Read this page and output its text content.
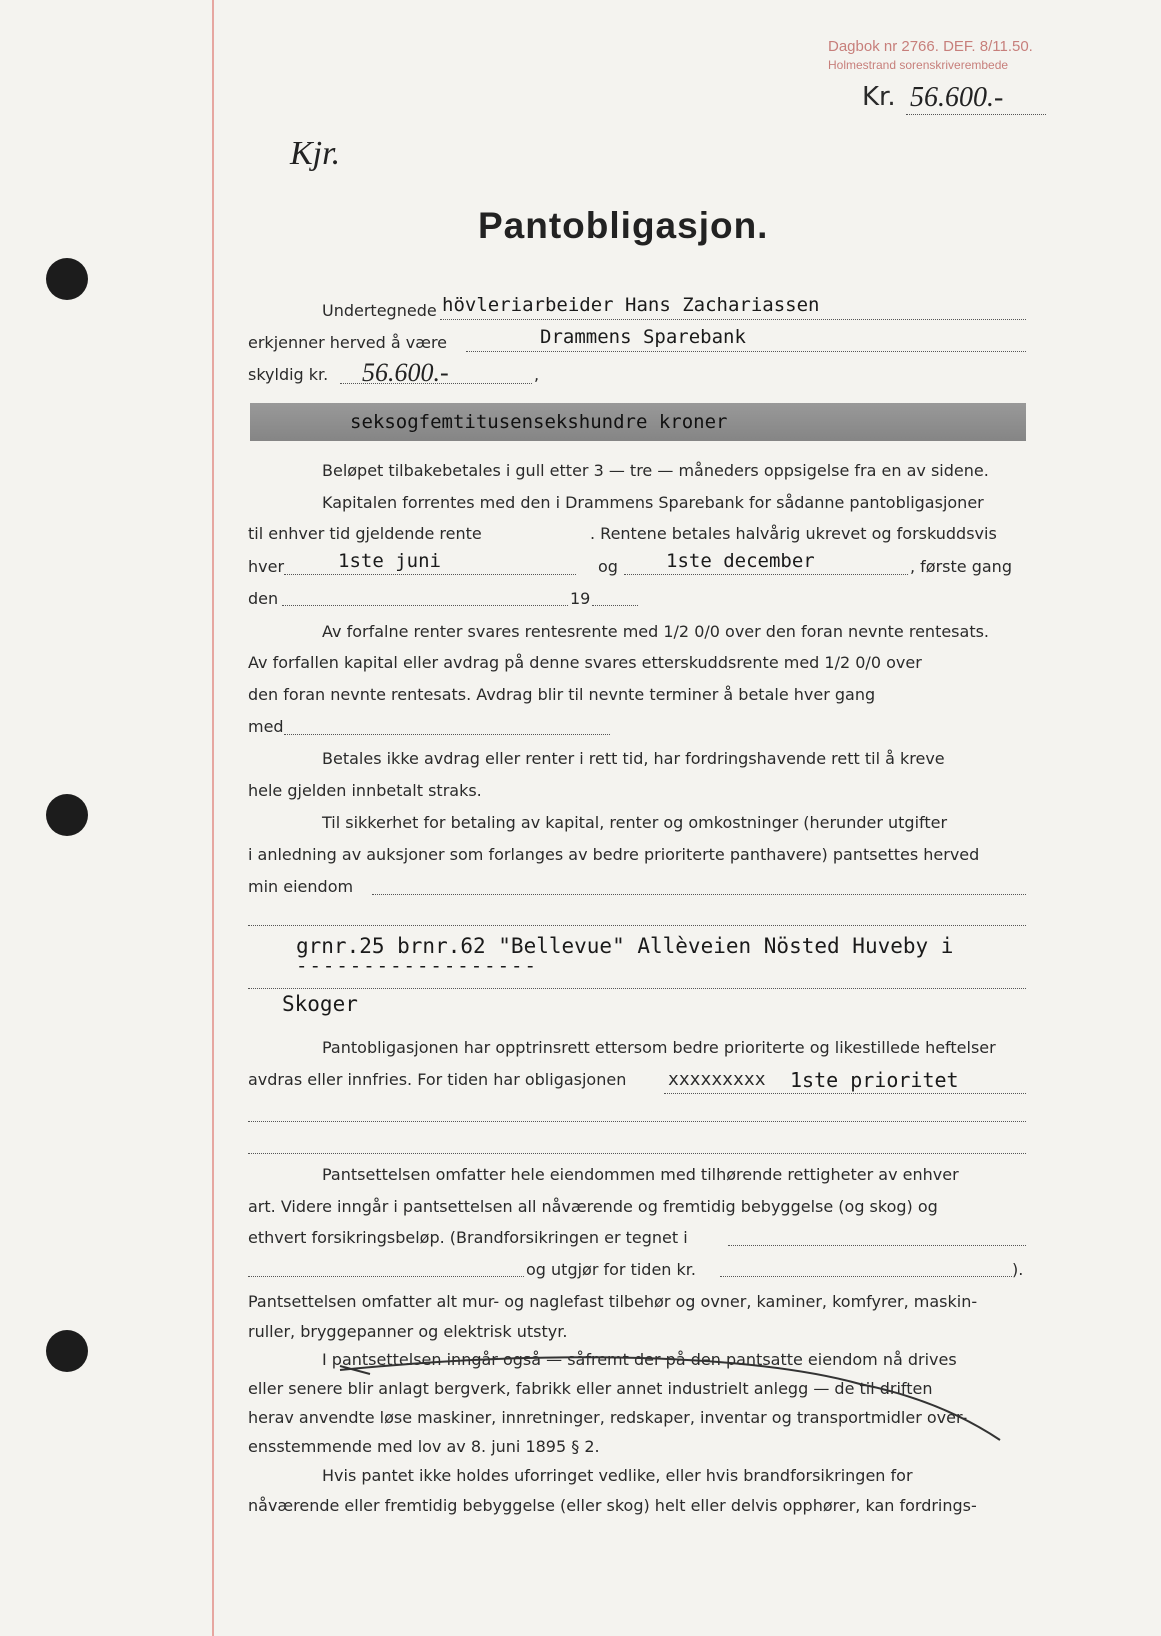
Dagbok nr 2766. DEF. 8/11.50.
Holmestrand sorenskriverembede
Kr. 56.600.-
Kjr.
Pantobligasjon.
Undertegnede hövleriarbeider Hans Zachariassen
erkjenner herved å være	Drammens Sparebank
skyldig kr. 56.600.-	,
seksogfemtitusensekshundre kroner
Beløpet tilbakebetales i gull etter 3 — tre — måneders oppsigelse fra en av sidene.
Kapitalen forrentes med den i Drammens Sparebank for sådanne pantobligasjoner
til enhver tid gjeldende rente	. Rentene betales halvårig ukrevet og forskuddsvis
hver	1ste juni	og	1ste december	, første gang
den	19
Av forfalne renter svares rentesrente med 1/2 0/0 over den foran nevnte rentesats.
Av forfallen kapital eller avdrag på denne svares etterskuddsrente med 1/2 0/0 over
den foran nevnte rentesats. Avdrag blir til nevnte terminer å betale hver gang
med
Betales ikke avdrag eller renter i rett tid, har fordringshavende rett til å kreve
hele gjelden innbetalt straks.
Til sikkerhet for betaling av kapital, renter og omkostninger (herunder utgifter
i anledning av auksjoner som forlanges av bedre prioriterte panthavere) pantsettes herved
min eiendom
grnr.25 brnr.62 "Bellevue" Allèveien Nösted Huveby i
------------------
Skoger
Pantobligasjonen har opptrinsrett ettersom bedre prioriterte og likestillede heftelser
avdras eller innfries. For tiden har obligasjonen xxxxxxxxx 1ste prioritet
Pantsettelsen omfatter hele eiendommen med tilhørende rettigheter av enhver
art. Videre inngår i pantsettelsen all nåværende og fremtidig bebyggelse (og skog) og
ethvert forsikringsbeløp. (Brandforsikringen er tegnet i
og utgjør for tiden kr.	).
Pantsettelsen omfatter alt mur- og naglefast tilbehør og ovner, kaminer, komfyrer, maskin-
ruller, bryggepanner og elektrisk utstyr.
I pantsettelsen inngår også — såfremt der på den pantsatte eiendom nå drives
eller senere blir anlagt bergverk, fabrikk eller annet industrielt anlegg — de til driften
herav anvendte løse maskiner, innretninger, redskaper, inventar og transportmidler over-
ensstemmende med lov av 8. juni 1895 § 2.
Hvis pantet ikke holdes uforringet vedlike, eller hvis brandforsikringen for
nåværende eller fremtidig bebyggelse (eller skog) helt eller delvis opphører, kan fordrings-
